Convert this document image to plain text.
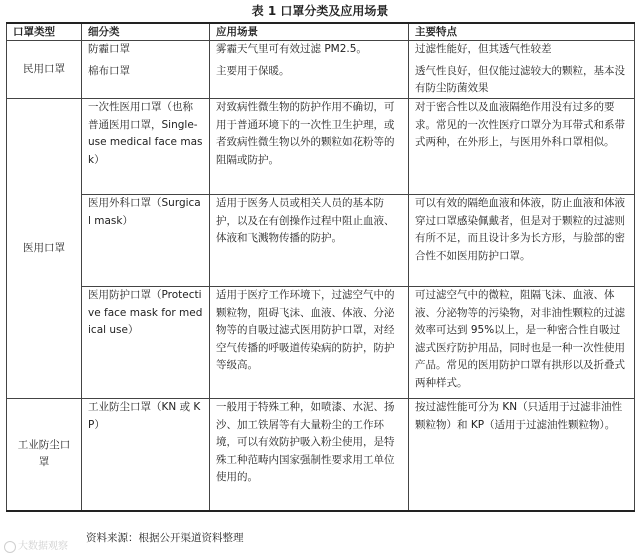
表 1 口罩分类及应用场景
口罩类型	细分类	应用场景	主要特点
民用口罩	防霾口罩	雾霾天气里可有效过滤 PM2.5。	过滤性能好，但其透气性较差
	棉布口罩	主要用于保暖。	透气性良好，但仅能过滤较大的颗粒，基本没有防尘防菌效果
医用口罩	一次性医用口罩（也称普通医用口罩，Single-use medical face mask）	对致病性微生物的防护作用不确切，可用于普通环境下的一次性卫生护理，或者致病性微生物以外的颗粒如花粉等的阻隔或防护。	对于密合性以及血液隔绝作用没有过多的要求。常见的一次性医疗口罩分为耳带式和系带式两种，在外形上，与医用外科口罩相似。
	医用外科口罩（Surgical mask）	适用于医务人员或相关人员的基本防护，以及在有创操作过程中阻止血液、体液和飞溅物传播的防护。	可以有效的隔绝血液和体液，防止血液和体液穿过口罩感染佩戴者，但是对于颗粒的过滤则有所不足，而且设计多为长方形，与脸部的密合性不如医用防护口罩。
	医用防护口罩（Protective face mask for medical use）	适用于医疗工作环境下，过滤空气中的颗粒物，阻碍飞沫、血液、体液、分泌物等的自吸过滤式医用防护口罩，对经空气传播的呼吸道传染病的防护，防护等级高。	可过滤空气中的微粒，阻隔飞沫、血液、体液、分泌物等的污染物，对非油性颗粒的过滤效率可达到 95%以上，是一种密合性自吸过滤式医疗防护用品，同时也是一种一次性使用产品。常见的医用防护口罩有拱形以及折叠式两种样式。
工业防尘口罩	工业防尘口罩（KN 或 KP）	一般用于特殊工种，如喷漆、水泥、扬沙、加工铁屑等有大量粉尘的工作环境，可以有效防护吸入粉尘使用，是特殊工种范畴内国家强制性要求用工单位使用的。	按过滤性能可分为 KN（只适用于过滤非油性颗粒物）和 KP（适用于过滤油性颗粒物）。
资料来源：根据公开渠道资料整理
大数据观察
